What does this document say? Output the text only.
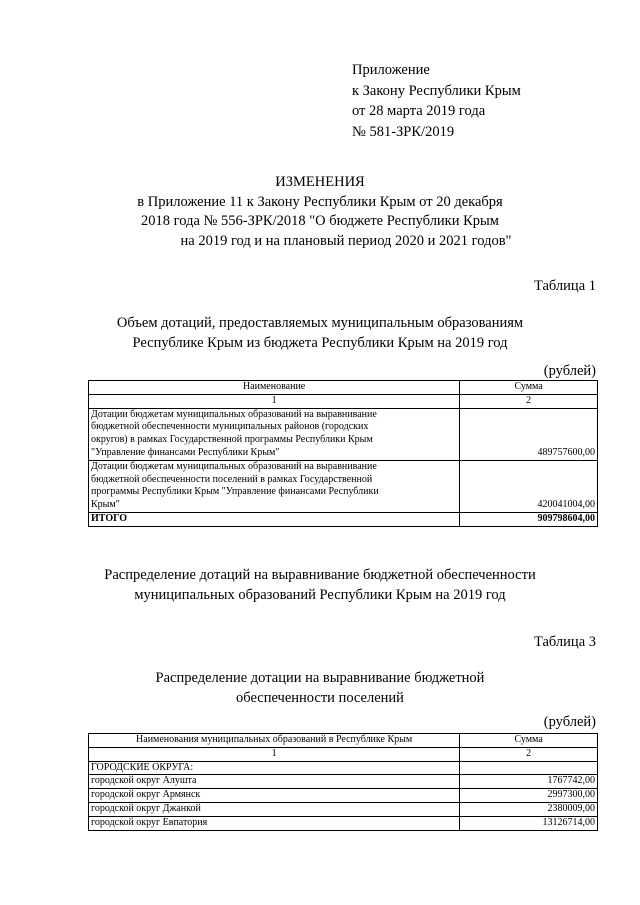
Приложение
к Закону Республики Крым
от 28 марта 2019 года
№ 581-ЗРК/2019
ИЗМЕНЕНИЯ
в Приложение 11 к Закону Республики Крым от 20 декабря
2018 года № 556-ЗРК/2018 "О бюджете Республики Крым
на 2019 год и на плановый период 2020 и 2021 годов"
Таблица 1
Объем дотаций, предоставляемых муниципальным образованиям
Республике Крым из бюджета Республики Крым на 2019 год
(рублей)
Наименование	Сумма
1	2

Дотации бюджетам муниципальных образований на выравнивание
бюджетной обеспеченности муниципальных районов (городских
округов) в рамках Государственной программы Республики Крым
"Управление финансами Республики Крым"	489757600,00

Дотации бюджетам муниципальных образований на выравнивание
бюджетной обеспеченности поселений в рамках Государственной
программы Республики Крым "Управление финансами Республики
Крым"	420041004,00
ИТОГО	909798604,00
Распределение дотаций на выравнивание бюджетной обеспеченности
муниципальных образований Республики Крым на 2019 год
Таблица 3
Распределение дотации на выравнивание бюджетной
обеспеченности поселений
(рублей)
Наименования муниципальных образований в Республике Крым	Сумма
1	2
ГОРОДСКИЕ ОКРУГА:	
городской округ Алушта	1767742,00
городской округ Армянск	2997300,00
городской округ Джанкой	2380009,00
городской округ Евпатория	13126714,00
